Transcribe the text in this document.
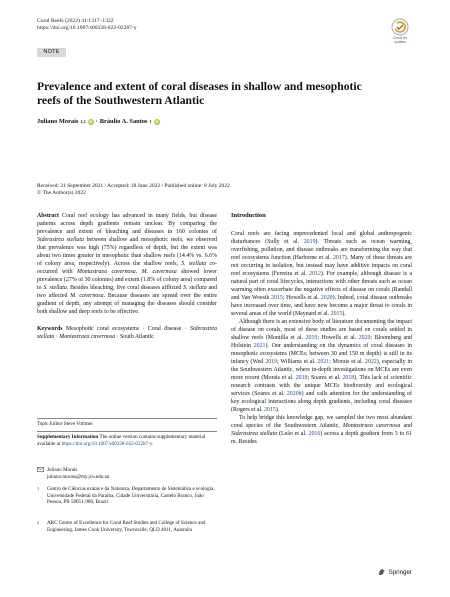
Coral Reefs (2022) 41:1317–1322
https://doi.org/10.1007/s00338-022-02287-y
Check for updates
NOTE
Prevalence and extent of coral diseases in shallow and mesophotic reefs of the Southwestern Atlantic
Juliano Morais 1,2 iD · Bráulio A. Santos 1 iD
Received: 21 September 2021 / Accepted: 18 June 2022 / Published online: 8 July 2022
© The Author(s) 2022

Abstract Coral reef ecology has advanced in many fields, but disease patterns across depth gradients remain unclear. By comparing the prevalence and extent of bleaching and diseases in 160 colonies of Siderastrea stellata between shallow and mesophotic reefs, we observed that prevalence was high (75%) regardless of depth, but the extent was about two times greater in mesophotic than shallow reefs (14.4% vs. 6.6% of colony area, respectively). Across the shallow reefs, S. stellata co-occurred with Montastraea cavernosa. M. cavernosa showed lower prevalence (27% of 30 colonies) and extent (1.8% of colony area) compared to S. stellata. Besides bleaching, five coral diseases afflicted S. stellata and two affected M. cavernosa. Because diseases are spread over the entire gradient of depth, any attempt of managing the diseases should consider both shallow and deep reefs to be effective.

Keywords Mesophotic coral ecosystems · Coral disease · Siderastrea stellata · Montastraea cavernosa · South Atlantic

Topic Editor Steve Vollmer
Supplementary Information The online version contains supplementary material available at https://doi.org/10.1007/s00338-022-02287-y.
Juliano Morais
juliano.morais@my.jcu.edu.au
1 Centro de Ciências exatas e da Natureza, Departamento de Sistemática e ecologia, Universidade Federal da Paraíba, Cidade Universitária, Castelo Branco, João Pessoa, PB 58051-900, Brazil
2 ARC Centre of Excellence for Coral Reef Studies and College of Science and Engineering, James Cook University, Townsville, QLD 4811, Australia
Introduction

Coral reefs are facing unprecedented local and global anthropogenic disturbances (Sully et al. 2019). Threats such as ocean warming, overfishing, pollution, and disease outbreaks are transforming the way that reef ecosystems function (Harborne et al. 2017). Many of these threats are not occurring in isolation, but instead may have additive impacts on coral reef ecosystems (Ferreira et al. 2012). For example, although disease is a natural part of coral lifecycles, interactions with other threats such as ocean warming often exacerbate the negative effects of disease on corals (Randall and Van Woesik 2015; Howells et al. 2020). Indeed, coral disease outbreaks have increased over time, and have now become a major threat to corals in several areas of the world (Maynard et al. 2015).

Although there is an extensive body of literature documenting the impact of disease on corals, most of these studies are based on corals settled in shallow reefs (Montilla et al. 2019; Howells et al. 2020; Bloomberg and Holstein 2021). Our understanding on the dynamics of coral diseases in mesophotic ecosystems (MCEs; between 30 and 150 m depth) is still in its infancy (Weil 2019; Williams et al. 2021; Morais et al. 2022), especially in the Southwestern Atlantic, where in-depth investigations on MCEs are even more recent (Morais et al. 2018; Soares et al. 2018). This lack of scientific research contrasts with the unique MCEs biodiversity and ecological services (Soares et al. 2020b) and calls attention for the understanding of key ecological interactions along depth gradients, including coral diseases (Rogers et al. 2015).

To help bridge this knowledge gap, we sampled the two most abundant coral species of the Southwestern Atlantic, Montastraea cavernosa and Siderastrea stellata (Leão et al. 2016) across a depth gradient from 3 to 61 m. Besides

Springer
